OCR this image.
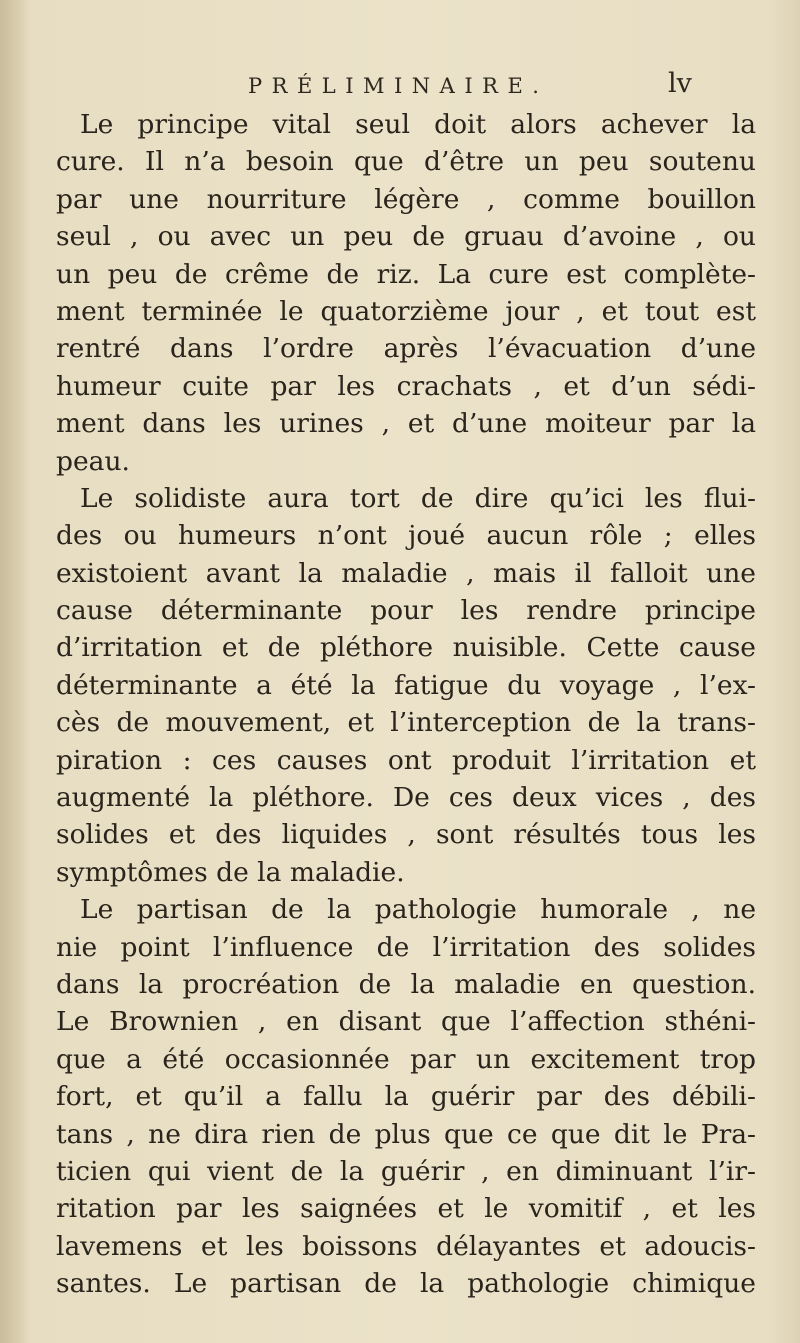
PRÉLIMINAIRE.	lv
Le principe vital seul doit alors achever la
cure. Il n’a besoin que d’être un peu soutenu
par une nourriture légère , comme bouillon
seul , ou avec un peu de gruau d’avoine , ou
un peu de crême de riz. La cure est complète-
ment terminée le quatorzième jour , et tout est
rentré dans l’ordre après l’évacuation d’une
humeur cuite par les crachats , et d’un sédi-
ment dans les urines , et d’une moiteur par la
peau.
Le solidiste aura tort de dire qu’ici les flui-
des ou humeurs n’ont joué aucun rôle ; elles
existoient avant la maladie , mais il falloit une
cause déterminante pour les rendre principe
d’irritation et de pléthore nuisible. Cette cause
déterminante a été la fatigue du voyage , l’ex-
cès de mouvement, et l’interception de la trans-
piration : ces causes ont produit l’irritation et
augmenté la pléthore. De ces deux vices , des
solides et des liquides , sont résultés tous les
symptômes de la maladie.
Le partisan de la pathologie humorale , ne
nie point l’influence de l’irritation des solides
dans la procréation de la maladie en question.
Le Brownien , en disant que l’affection sthéni-
que a été occasionnée par un excitement trop
fort, et qu’il a fallu la guérir par des débili-
tans , ne dira rien de plus que ce que dit le Pra-
ticien qui vient de la guérir , en diminuant l’ir-
ritation par les saignées et le vomitif , et les
lavemens et les boissons délayantes et adoucis-
santes. Le partisan de la pathologie chimique
